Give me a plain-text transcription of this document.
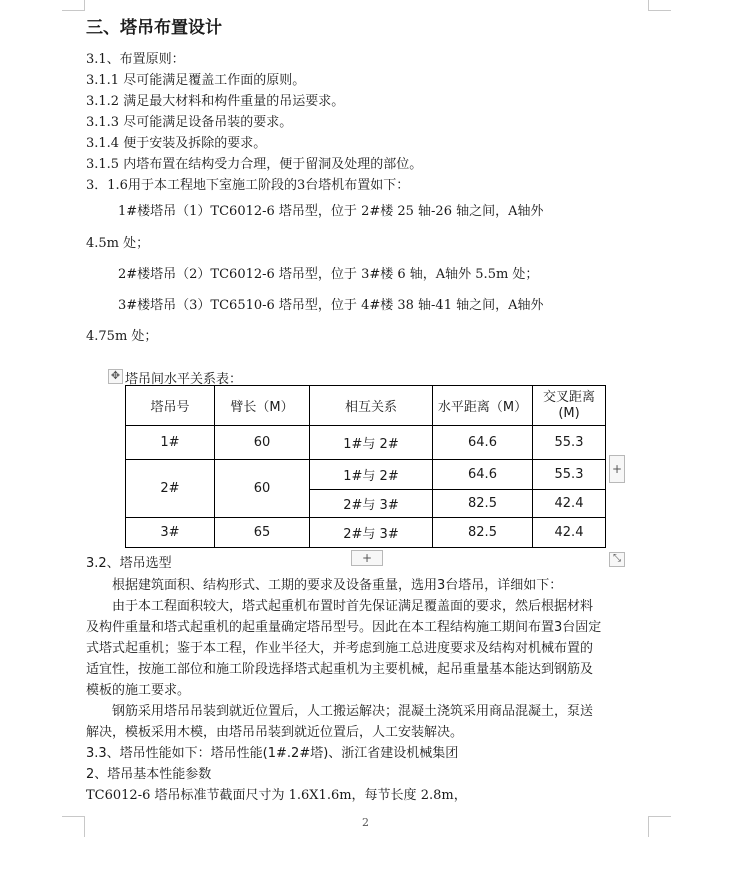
三、塔吊布置设计
3.1、布置原则：
3.1.1 尽可能满足覆盖工作面的原则。
3.1.2 满足最大材料和构件重量的吊运要求。
3.1.3 尽可能满足设备吊装的要求。
3.1.4 便于安装及拆除的要求。
3.1.5 内塔布置在结构受力合理，便于留洞及处理的部位。
3．1.6用于本工程地下室施工阶段的3台塔机布置如下：
1#楼塔吊（1）TC6012-6 塔吊型，位于 2#楼 25 轴-26 轴之间，A轴外
4.5m 处；
2#楼塔吊（2）TC6012-6 塔吊型，位于 3#楼 6 轴，A轴外 5.5m 处；
3#楼塔吊（3）TC6510-6 塔吊型，位于 4#楼 38 轴-41 轴之间，A轴外
4.75m 处；
✥ 塔吊间水平关系表：
塔吊号	臂长（M）	相互关系	水平距离（M）	交叉距离
(M)
1#	60	1#与 2#	64.6	55.3
2#	60	1#与 2#	64.6	55.3
		2#与 3#	82.5	42.4
3#	65	2#与 3#	82.5	42.4
+
+	⤡
3.2、塔吊选型
根据建筑面积、结构形式、工期的要求及设备重量，选用3台塔吊，详细如下：
由于本工程面积较大，塔式起重机布置时首先保证满足覆盖面的要求，然后根据材料
及构件重量和塔式起重机的起重量确定塔吊型号。因此在本工程结构施工期间布置3台固定
式塔式起重机；鉴于本工程，作业半径大，并考虑到施工总进度要求及结构对机械布置的
适宜性，按施工部位和施工阶段选择塔式起重机为主要机械，起吊重量基本能达到钢筋及
模板的施工要求。
钢筋采用塔吊吊装到就近位置后，人工搬运解决；混凝土浇筑采用商品混凝土，泵送
解决，模板采用木模，由塔吊吊装到就近位置后，人工安装解决。
3.3、塔吊性能如下：塔吊性能(1#.2#塔)、浙江省建设机械集团
2、塔吊基本性能参数
TC6012-6 塔吊标准节截面尺寸为 1.6X1.6m，每节长度 2.8m，
2
